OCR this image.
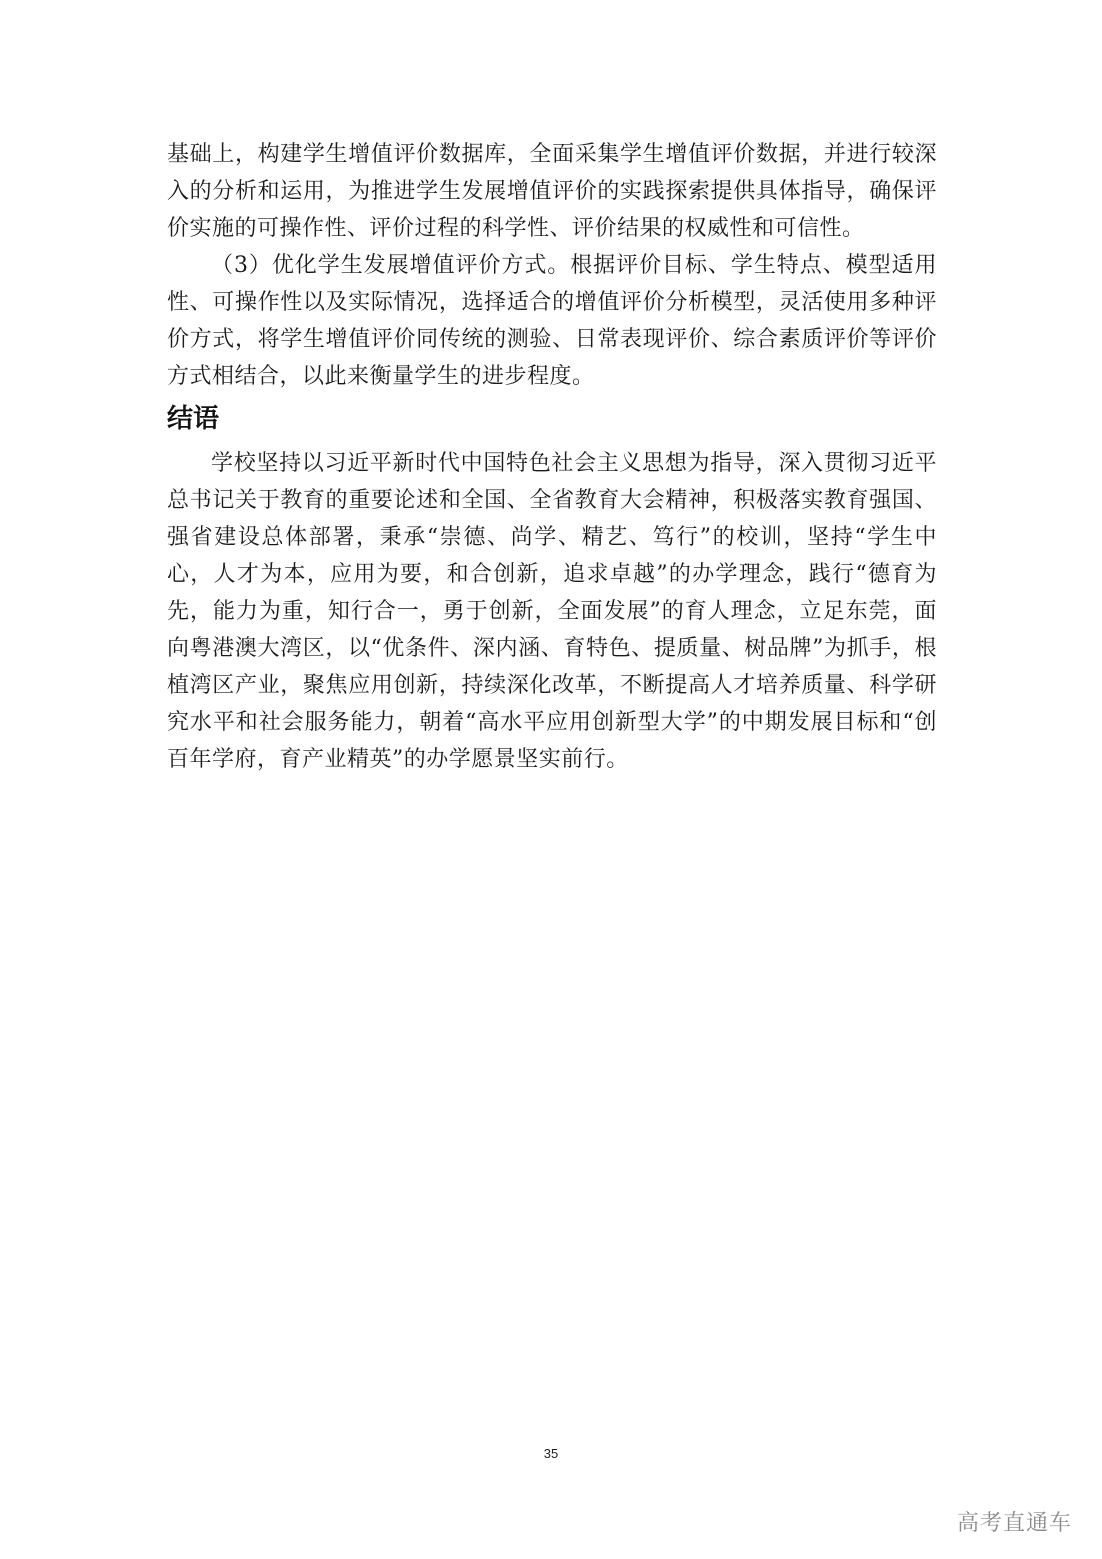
基础上，构建学生增值评价数据库，全面采集学生增值评价数据，并进行较深入的分析和运用，为推进学生发展增值评价的实践探索提供具体指导，确保评价实施的可操作性、评价过程的科学性、评价结果的权威性和可信性。

（3）优化学生发展增值评价方式。根据评价目标、学生特点、模型适用性、可操作性以及实际情况，选择适合的增值评价分析模型，灵活使用多种评价方式，将学生增值评价同传统的测验、日常表现评价、综合素质评价等评价方式相结合，以此来衡量学生的进步程度。

结语

学校坚持以习近平新时代中国特色社会主义思想为指导，深入贯彻习近平总书记关于教育的重要论述和全国、全省教育大会精神，积极落实教育强国、强省建设总体部署，秉承“崇德、尚学、精艺、笃行”的校训，坚持“学生中心，人才为本，应用为要，和合创新，追求卓越”的办学理念，践行“德育为先，能力为重，知行合一，勇于创新，全面发展”的育人理念，立足东莞，面向粤港澳大湾区，以“优条件、深内涵、育特色、提质量、树品牌”为抓手，根植湾区产业，聚焦应用创新，持续深化改革，不断提高人才培养质量、科学研究水平和社会服务能力，朝着“高水平应用创新型大学”的中期发展目标和“创百年学府，育产业精英”的办学愿景坚实前行。

35
高考直通车
